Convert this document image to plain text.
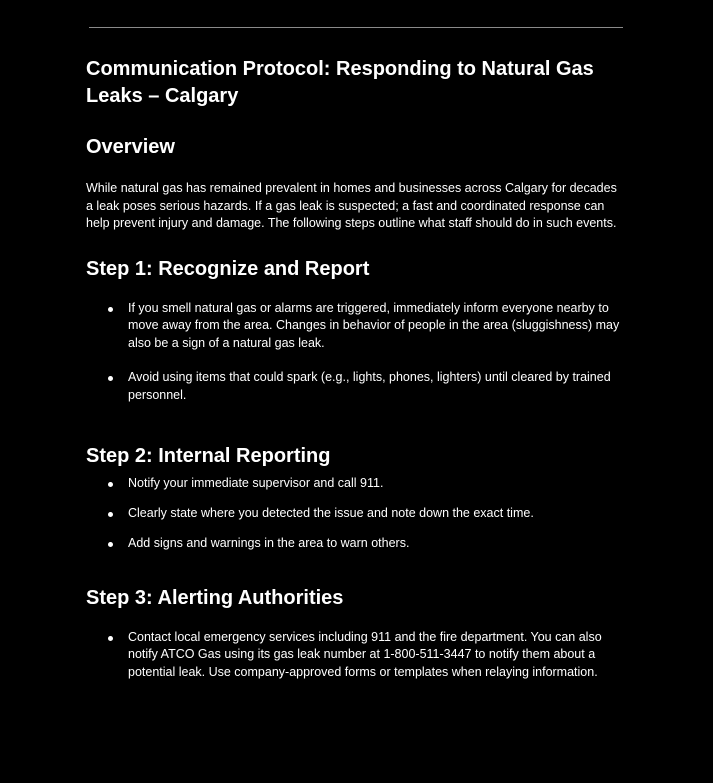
Communication Protocol: Responding to Natural Gas Leaks – Calgary
Overview

While natural gas has remained prevalent in homes and businesses across Calgary for decades a leak poses serious hazards. If a gas leak is suspected; a fast and coordinated response can help prevent injury and damage. The following steps outline what staff should do in such events.

Step 1: Recognize and Report
If you smell natural gas or alarms are triggered, immediately inform everyone nearby to move away from the area. Changes in behavior of people in the area (sluggishness) may also be a sign of a natural gas leak.
Avoid using items that could spark (e.g., lights, phones, lighters) until cleared by trained personnel.
Step 2: Internal Reporting
Notify your immediate supervisor and call 911.
Clearly state where you detected the issue and note down the exact time.
Add signs and warnings in the area to warn others.
Step 3: Alerting Authorities
Contact local emergency services including 911 and the fire department. You can also notify ATCO Gas using its gas leak number at 1-800-511-3447 to notify them about a potential leak. Use company-approved forms or templates when relaying information.
